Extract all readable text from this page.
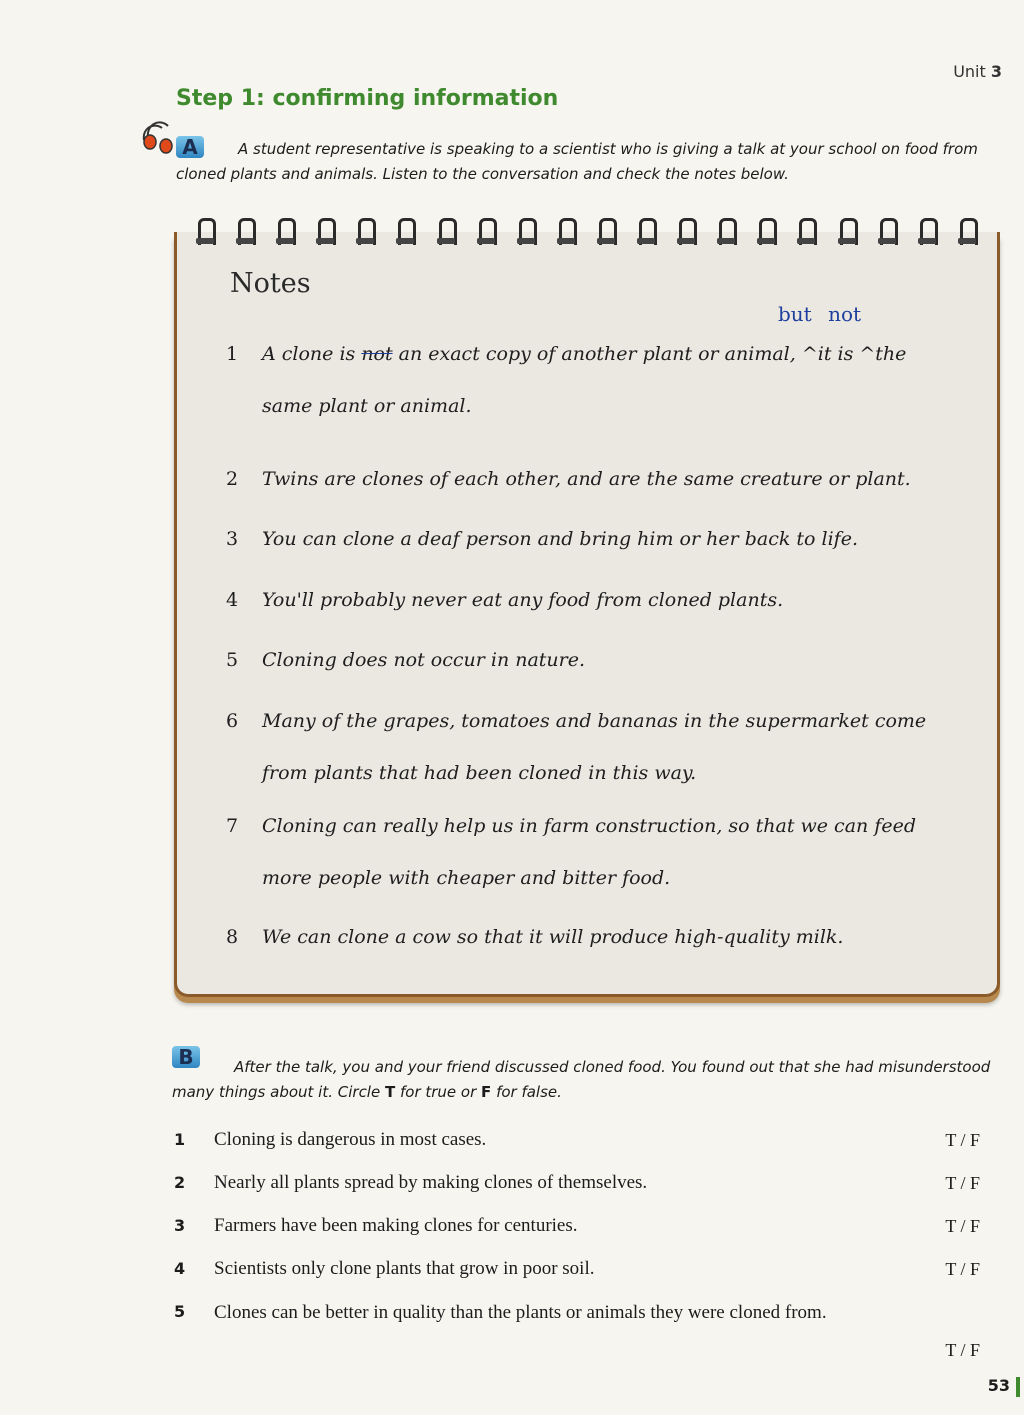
Unit 3
Step 1: confirming information
A	A student representative is speaking to a scientist who is giving a talk at your school on food from cloned plants and animals. Listen to the conversation and check the notes below.
Notes
but not
1 A clone is not an exact copy of another plant or animal, ^it is ^the same plant or animal.
2 Twins are clones of each other, and are the same creature or plant.
3 You can clone a deaf person and bring him or her back to life.
4 You'll probably never eat any food from cloned plants.
5 Cloning does not occur in nature.
6 Many of the grapes, tomatoes and bananas in the supermarket come from plants that had been cloned in this way.
7 Cloning can really help us in farm construction, so that we can feed more people with cheaper and bitter food.
8 We can clone a cow so that it will produce high-quality milk.
B	After the talk, you and your friend discussed cloned food. You found out that she had misunderstood many things about it. Circle T for true or F for false.
1 Cloning is dangerous in most cases.	T / F
2 Nearly all plants spread by making clones of themselves.	T / F
3 Farmers have been making clones for centuries.	T / F
4 Scientists only clone plants that grow in poor soil.	T / F
5 Clones can be better in quality than the plants or animals they were cloned from.
T / F
53
